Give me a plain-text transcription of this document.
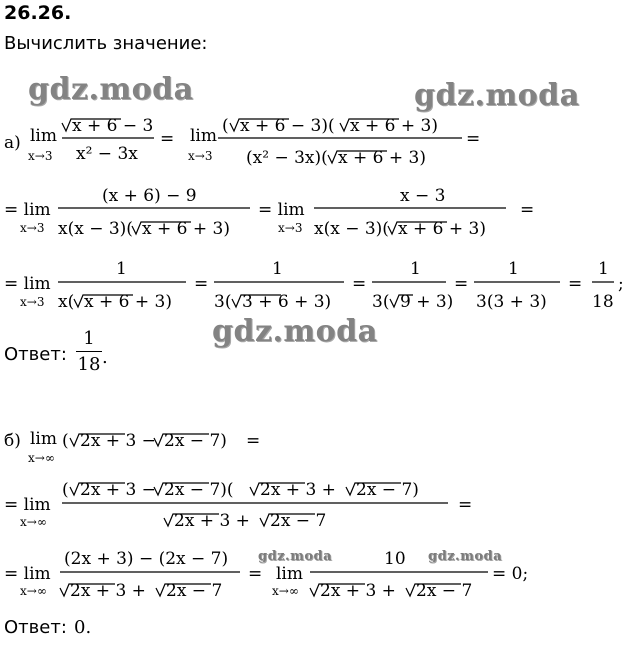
26.26.
Вычислить значение:
gdz.moda	gdz.moda
gdz.moda
gdz.moda	gdz.moda
а) lim
x→3
x + 6 − 3
x² − 3x
= lim
x→3
( x + 6 − 3)( x + 6 + 3)
(x² − 3x)( x + 6 + 3)
=
= lim
x→3
(x + 6) − 9
x(x − 3)( x + 6 + 3)
= lim
x→3
x − 3
x(x − 3)( x + 6 + 3)
=
= lim
x→3
1
x( x + 6 + 3)
=
1
3( 3 + 6 + 3)
=
1
3( 9 + 3)
=
1
3(3 + 3)
=
1
18
;
б) lim
x→∞
( 2x + 3 − 2x − 7) =
= lim
x→∞
( 2x + 3 − 2x − 7)( 2x + 3 + 2x − 7)
2x + 3 + 2x − 7
=
= lim
x→∞
(2x + 3) − (2x − 7)
2x + 3 + 2x − 7
= lim
x→∞
10
2x + 3 + 2x − 7
= 0;
Ответ:
1
18 .
Ответ: 0.
